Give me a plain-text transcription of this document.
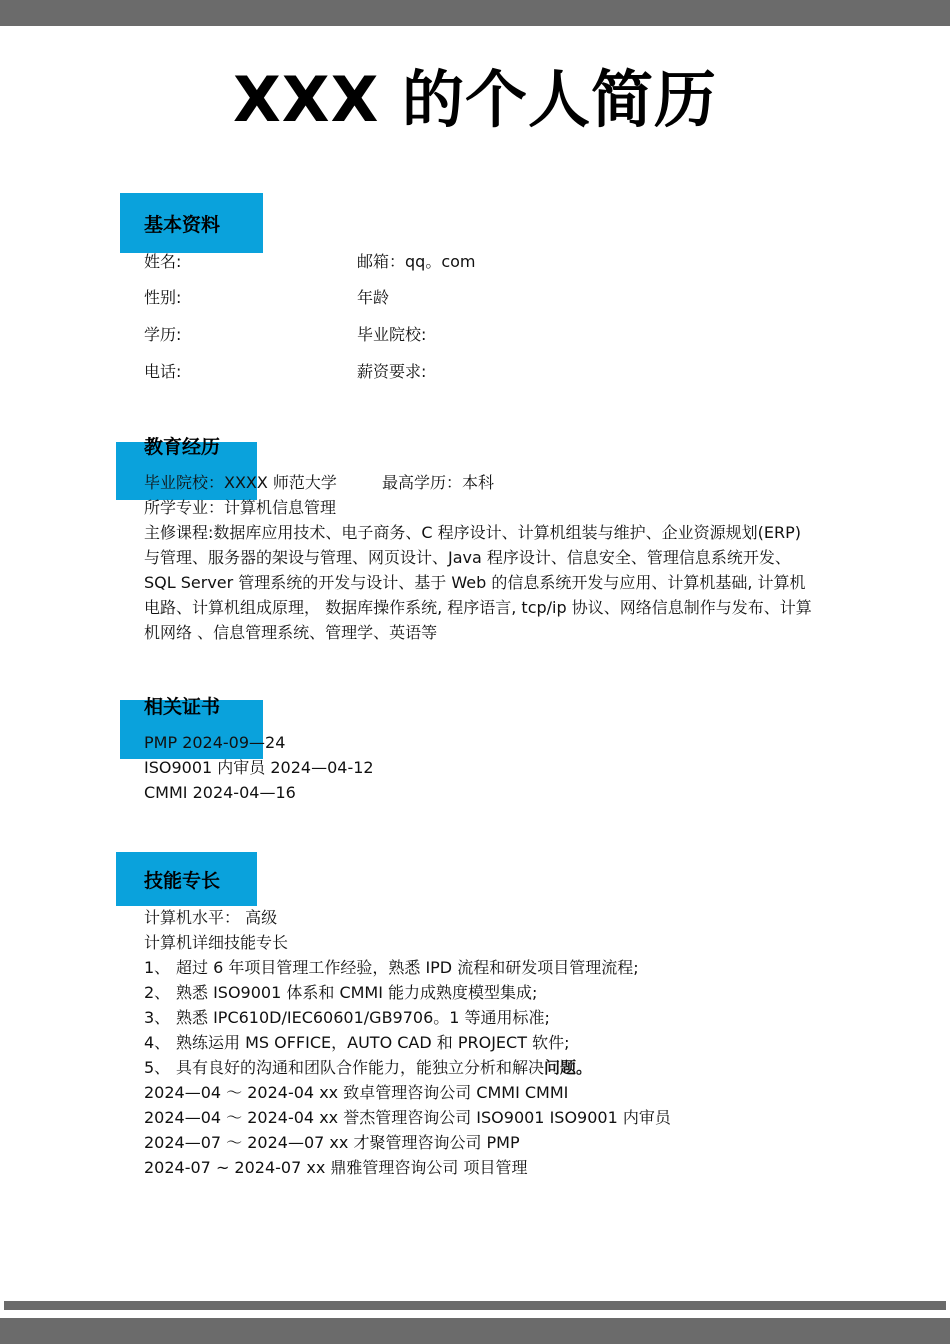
XXX 的个人简历
基本资料
姓名:	邮箱：qq。com
性别:	年龄
学历:	毕业院校:
电话:	薪资要求:
教育经历
毕业院校：XXXX 师范大学	最高学历：本科
所学专业：计算机信息管理
主修课程:数据库应用技术、电子商务、C 程序设计、计算机组装与维护、企业资源规划(ERP)与管理、服务器的架设与管理、网页设计、Java 程序设计、信息安全、管理信息系统开发、SQL Server 管理系统的开发与设计、基于 Web 的信息系统开发与应用、计算机基础, 计算机电路、计算机组成原理， 数据库操作系统, 程序语言, tcp/ip 协议、网络信息制作与发布、计算机网络 、信息管理系统、管理学、英语等
相关证书
PMP 2024-09—24
ISO9001 内审员 2024—04-12
CMMI 2024-04—16
技能专长
计算机水平： 高级
计算机详细技能专长
1、 超过 6 年项目管理工作经验，熟悉 IPD 流程和研发项目管理流程;
2、 熟悉 ISO9001 体系和 CMMI 能力成熟度模型集成;
3、 熟悉 IPC610D/IEC60601/GB9706。1 等通用标准;
4、 熟练运用 MS OFFICE，AUTO CAD 和 PROJECT 软件;
5、 具有良好的沟通和团队合作能力，能独立分析和解决问题。
2024—04 ～ 2024-04 xx 致卓管理咨询公司 CMMI CMMI
2024—04 ～ 2024-04 xx 誉杰管理咨询公司 ISO9001 ISO9001 内审员
2024—07 ～ 2024—07 xx 才聚管理咨询公司 PMP
2024-07 ~ 2024-07 xx 鼎雅管理咨询公司 项目管理
